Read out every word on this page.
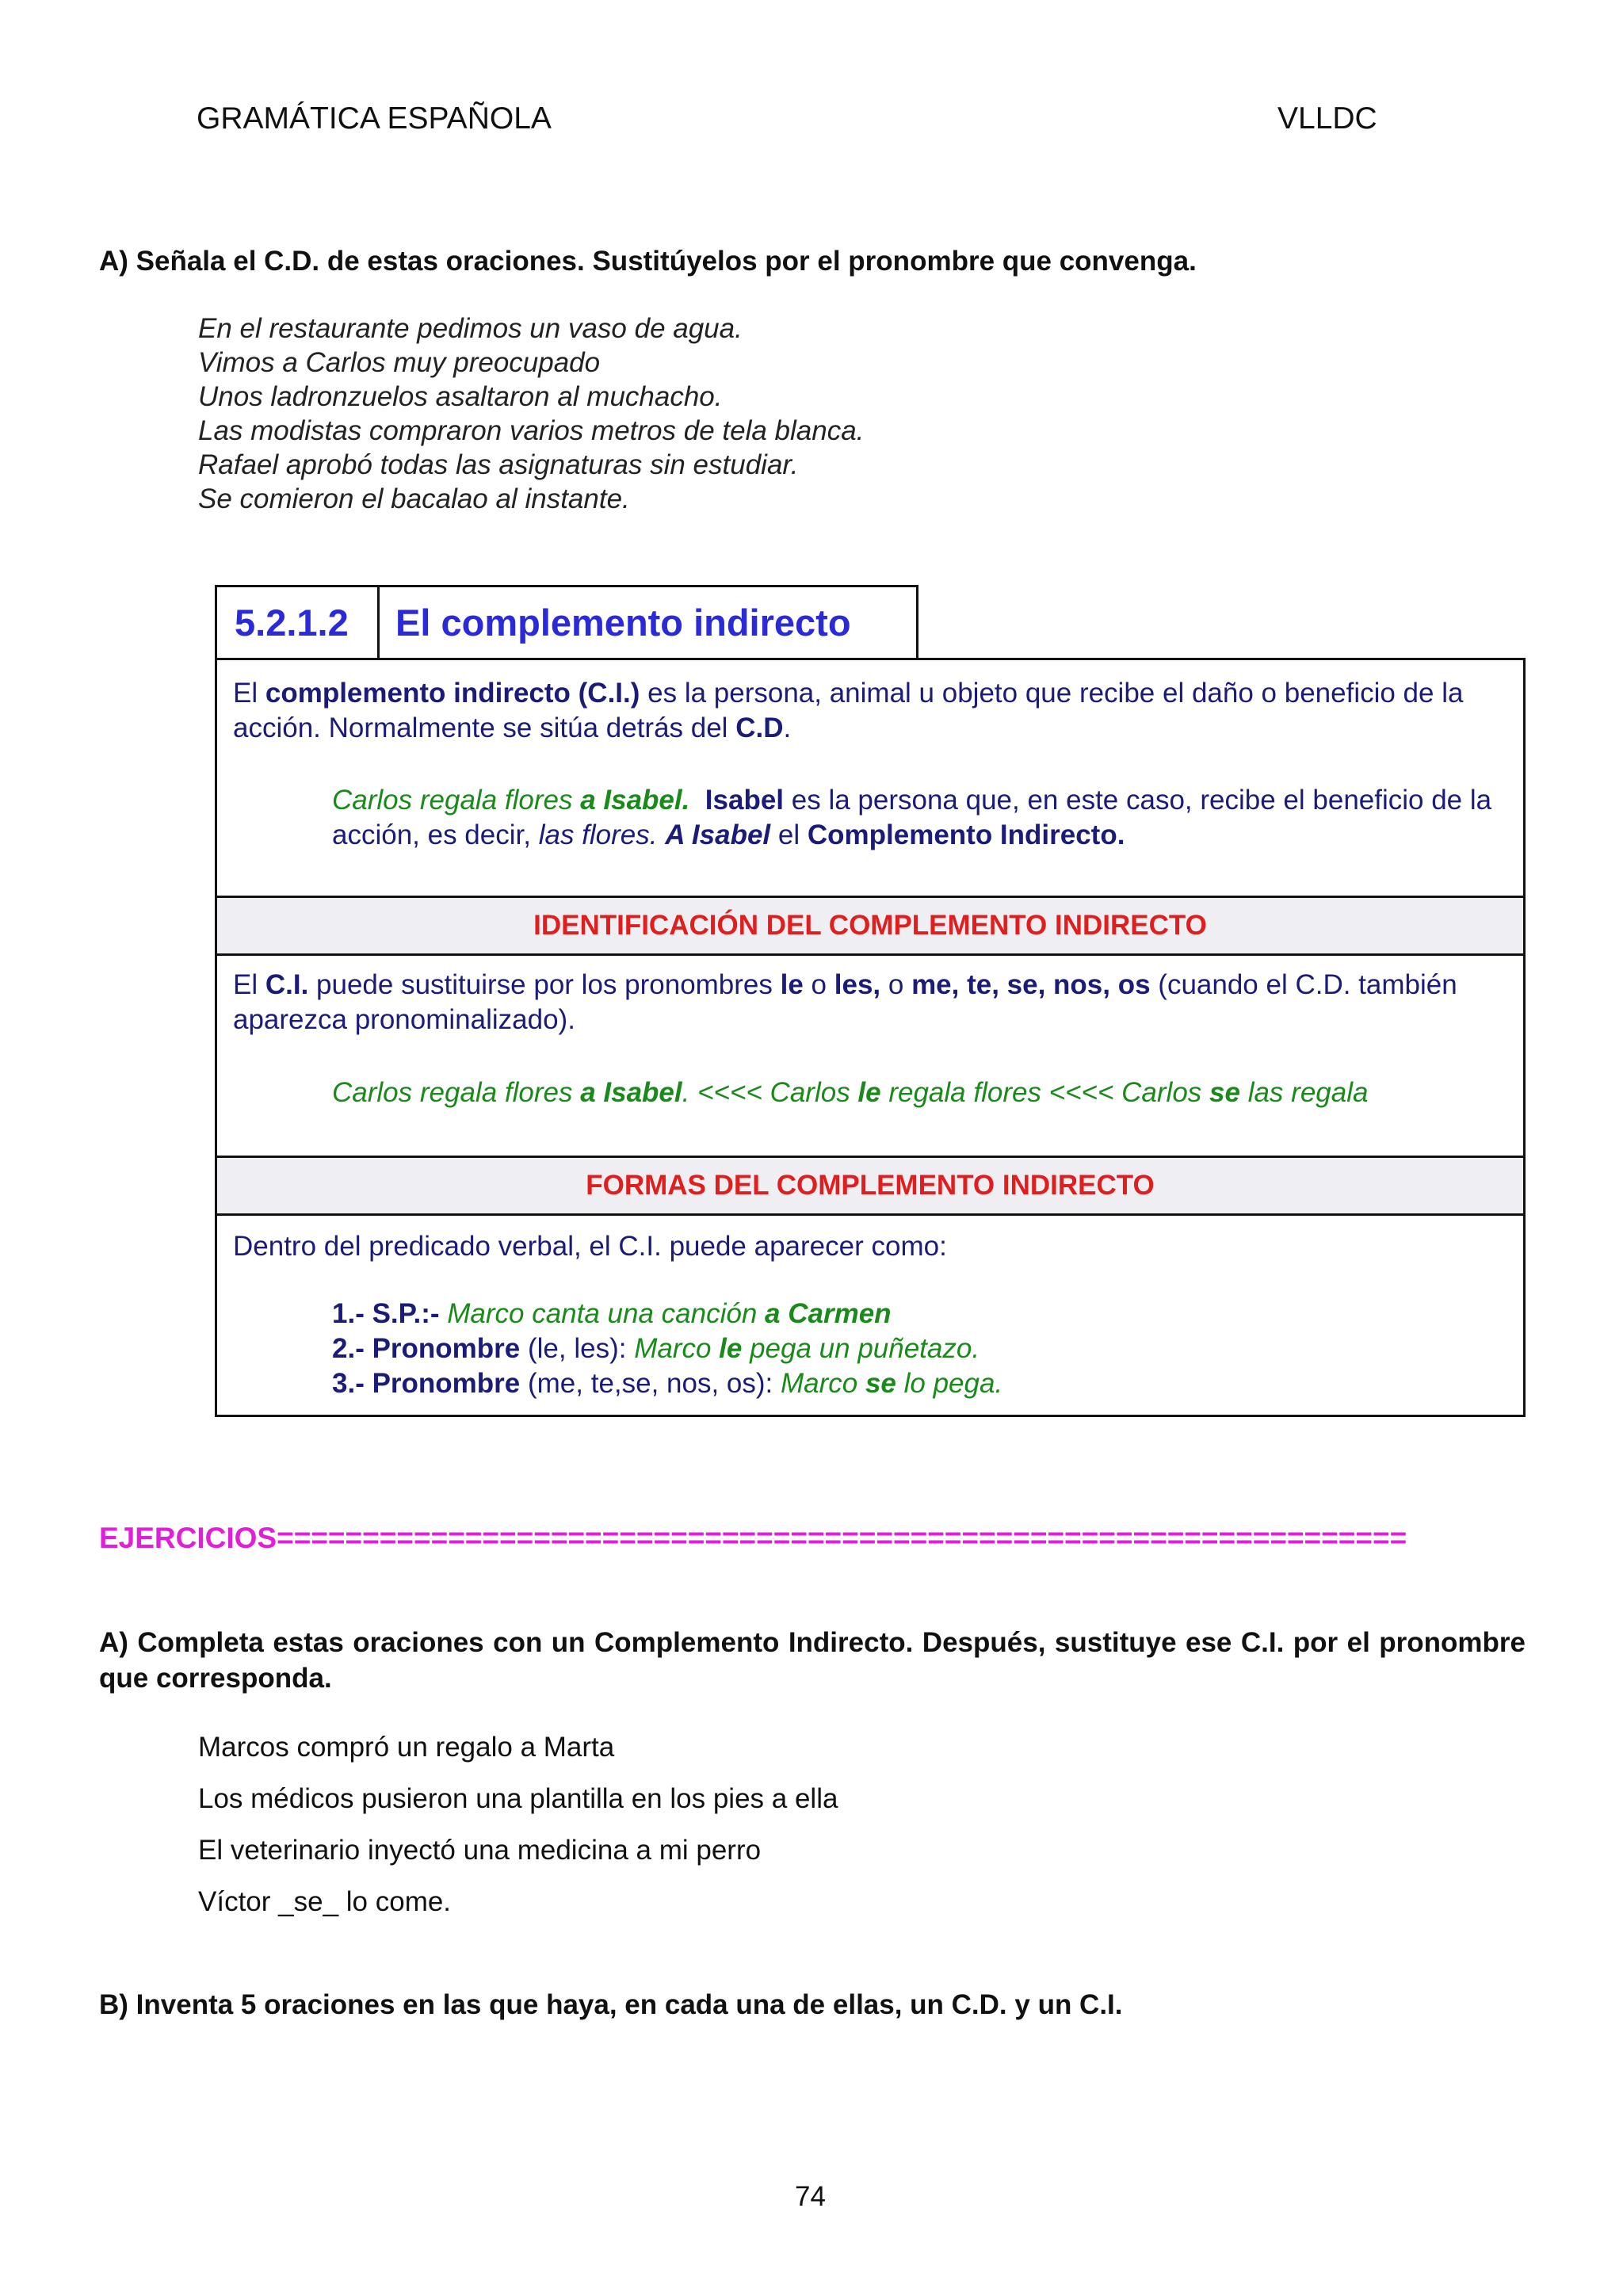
GRAMÁTICA ESPAÑOLA	VLLDC
A) Señala el C.D. de estas oraciones. Sustitúyelos por el pronombre que convenga.
En el restaurante pedimos un vaso de agua.
Vimos a Carlos muy preocupado
Unos ladronzuelos asaltaron al muchacho.
Las modistas compraron varios metros de tela blanca.
Rafael aprobó todas las asignaturas sin estudiar.
Se comieron el bacalao al instante.
5.2.1.2	El complemento indirecto
El complemento indirecto (C.I.) es la persona, animal u objeto que recibe el daño o beneficio de la acción. Normalmente se sitúa detrás del C.D.
Carlos regala flores a Isabel. Isabel es la persona que, en este caso, recibe el beneficio de la acción, es decir, las flores. A Isabel el Complemento Indirecto.
IDENTIFICACIÓN DEL COMPLEMENTO INDIRECTO
El C.I. puede sustituirse por los pronombres le o les, o me, te, se, nos, os (cuando el C.D. también aparezca pronominalizado).
Carlos regala flores a Isabel. <<<< Carlos le regala flores <<<< Carlos se las regala
FORMAS DEL COMPLEMENTO INDIRECTO
Dentro del predicado verbal, el C.I. puede aparecer como:
1.- S.P.:- Marco canta una canción a Carmen
2.- Pronombre (le, les): Marco le pega un puñetazo.
3.- Pronombre (me, te,se, nos, os): Marco se lo pega.
EJERCICIOS==================================================================
A) Completa estas oraciones con un Complemento Indirecto. Después, sustituye ese C.I. por el pronombre que corresponda.
Marcos compró un regalo a Marta
Los médicos pusieron una plantilla en los pies a ella
El veterinario inyectó una medicina a mi perro
Víctor _se_ lo come.
B) Inventa 5 oraciones en las que haya, en cada una de ellas, un C.D. y un C.I.
74
